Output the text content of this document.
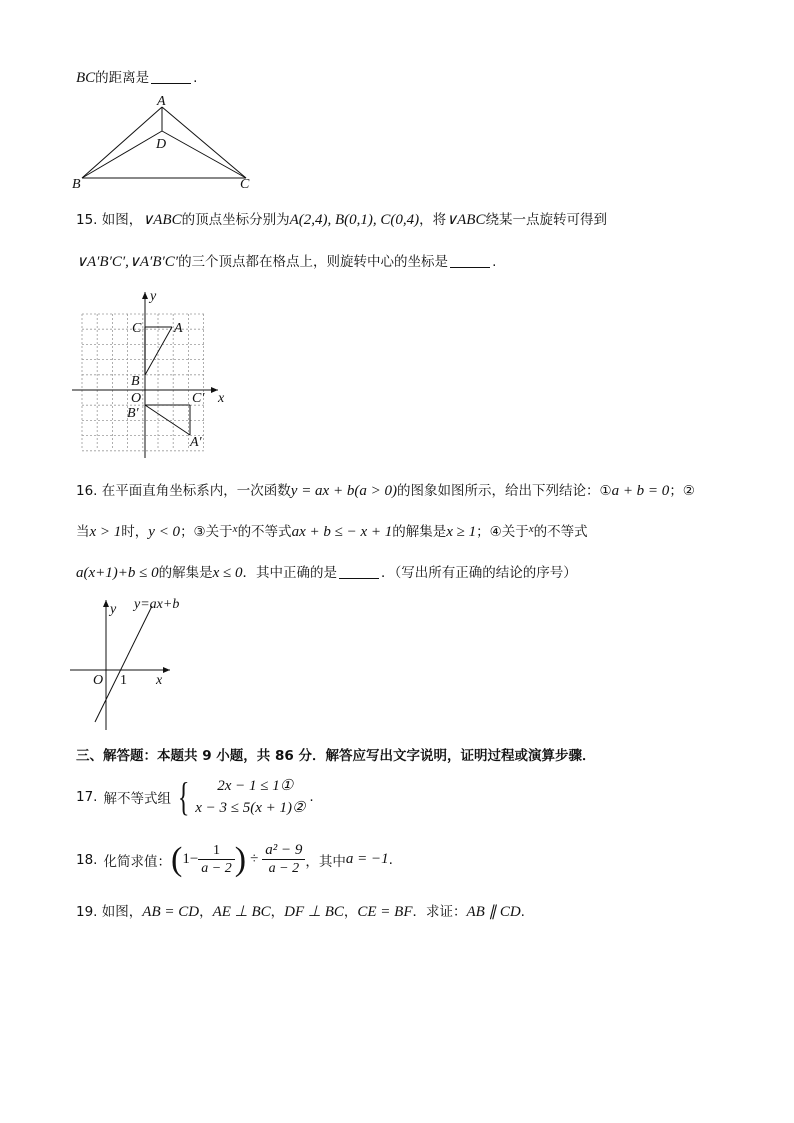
BC的距离是	.
A
D
B	C
15. 如图，∨ABC的顶点坐标分别为A(2,4), B(0,1), C(0,4)，将∨ABC绕某一点旋转可得到
∨A′B′C′,∨A′B′C′的三个顶点都在格点上，则旋转中心的坐标是	.
y
x
C A
B
O	C′
B′
A′
16. 在平面直角坐标系内，一次函数y = ax + b(a > 0)的图象如图所示，给出下列结论：①a + b = 0；②
当x > 1时，y < 0；③关于$^x$的不等式ax + b ≤ − x + 1的解集是x ≥ 1；④关于$^x$的不等式
a(x+1)+b ≤ 0的解集是x ≤ 0．其中正确的是	．（写出所有正确的结论的序号）
y y=ax+b
O 1 x
三、解答题：本题共 9 小题，共 86 分．解答应写出文字说明，证明过程或演算步骤．
17. 解不等式组 {	2x − 1 ≤ 1①
x − 3 ≤ 5(x + 1)②
.
18. 化简求值： ( $1- \frac{1}{a - 2}$ ) ÷ $\frac{\text{a² − 9}}{a - 2}$ ，其中 a = −1 .
19. 如图，AB = CD，AE ⊥ BC，DF ⊥ BC，CE = BF．求证：AB ∥ CD.
